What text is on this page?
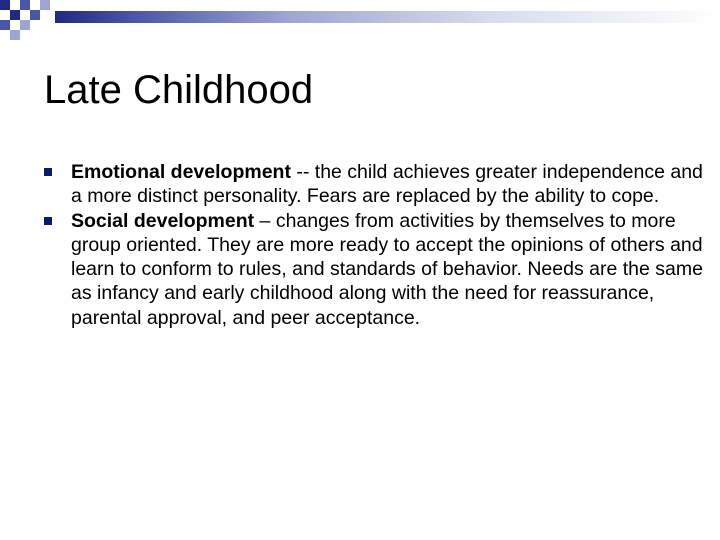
Late Childhood
Emotional development -- the child achieves greater independence and a more distinct personality. Fears are replaced by the ability to cope.
Social development – changes from activities by themselves to more group oriented. They are more ready to accept the opinions of others and learn to conform to rules, and standards of behavior. Needs are the same as infancy and early childhood along with the need for reassurance, parental approval, and peer acceptance.
